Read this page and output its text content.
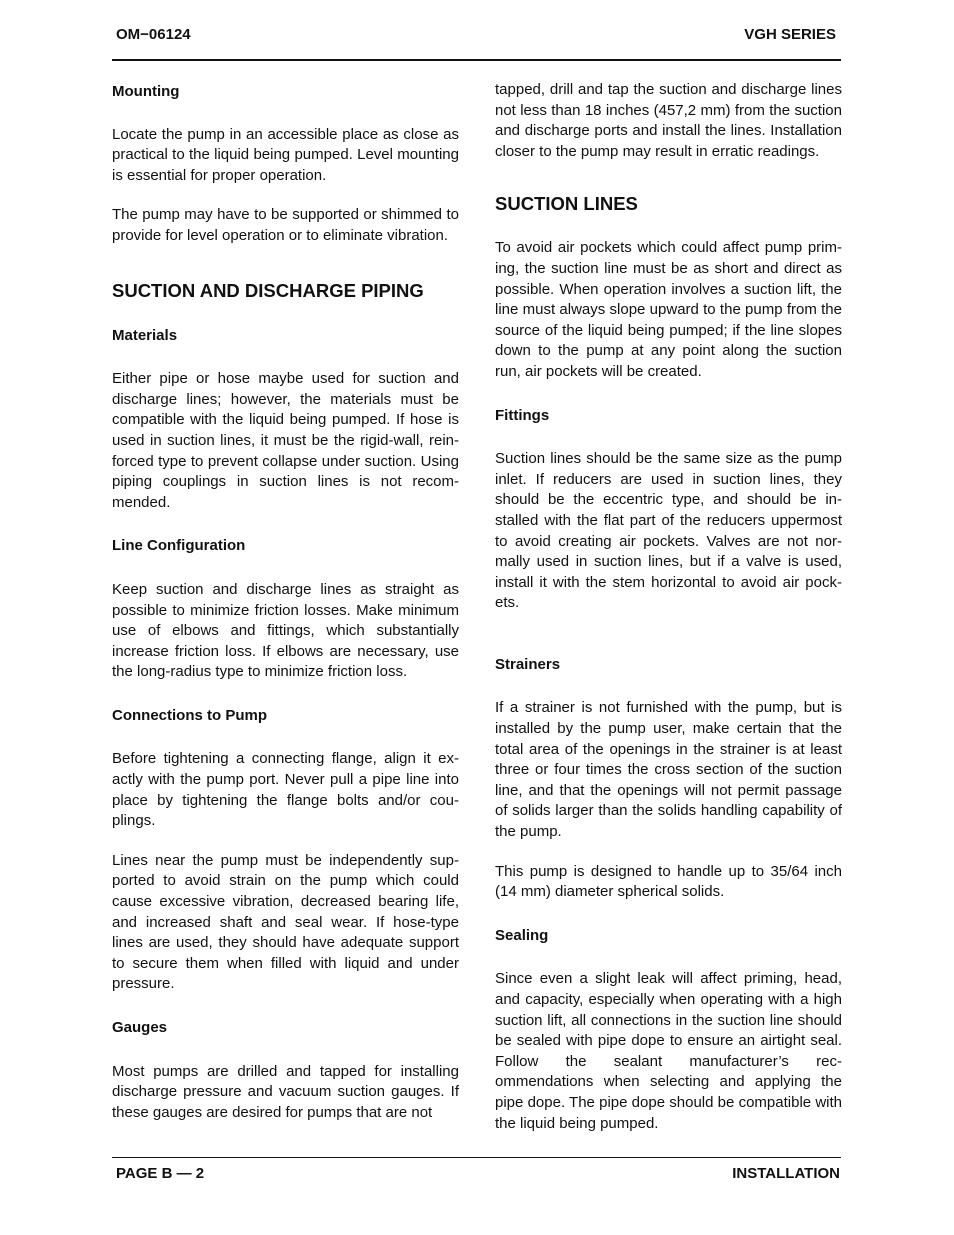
OM−06124	VGH SERIES
Mounting

Locate the pump in an accessible place as close as practical to the liquid being pumped. Level mounting is essential for proper operation.

The pump may have to be supported or shimmed to provide for level operation or to eliminate vibration.

SUCTION AND DISCHARGE PIPING
Materials

Either pipe or hose maybe used for suction and discharge lines; however, the materials must be compatible with the liquid being pumped. If hose is used in suction lines, it must be the rigid-wall, reinforced type to prevent collapse under suction. Using piping couplings in suction lines is not recommended.

Line Configuration

Keep suction and discharge lines as straight as possible to minimize friction losses. Make minimum use of elbows and fittings, which substantially increase friction loss. If elbows are necessary, use the long-radius type to minimize friction loss.

Connections to Pump

Before tightening a connecting flange, align it exactly with the pump port. Never pull a pipe line into place by tightening the flange bolts and/or couplings.

Lines near the pump must be independently supported to avoid strain on the pump which could cause excessive vibration, decreased bearing life, and increased shaft and seal wear. If hose-type lines are used, they should have adequate support to secure them when filled with liquid and under pressure.

Gauges

Most pumps are drilled and tapped for installing discharge pressure and vacuum suction gauges. If these gauges are desired for pumps that are not

tapped, drill and tap the suction and discharge lines not less than 18 inches (457,2 mm) from the suction and discharge ports and install the lines. Installation closer to the pump may result in erratic readings.

SUCTION LINES

To avoid air pockets which could affect pump priming, the suction line must be as short and direct as possible. When operation involves a suction lift, the line must always slope upward to the pump from the source of the liquid being pumped; if the line slopes down to the pump at any point along the suction run, air pockets will be created.

Fittings

Suction lines should be the same size as the pump inlet. If reducers are used in suction lines, they should be the eccentric type, and should be installed with the flat part of the reducers uppermost to avoid creating air pockets. Valves are not normally used in suction lines, but if a valve is used, install it with the stem horizontal to avoid air pockets.

Strainers

If a strainer is not furnished with the pump, but is installed by the pump user, make certain that the total area of the openings in the strainer is at least three or four times the cross section of the suction line, and that the openings will not permit passage of solids larger than the solids handling capability of the pump.

This pump is designed to handle up to 35/64 inch (14 mm) diameter spherical solids.

Sealing

Since even a slight leak will affect priming, head, and capacity, especially when operating with a high suction lift, all connections in the suction line should be sealed with pipe dope to ensure an airtight seal. Follow the sealant manufacturer’s recommendations when selecting and applying the pipe dope. The pipe dope should be compatible with the liquid being pumped.

PAGE B — 2	INSTALLATION
